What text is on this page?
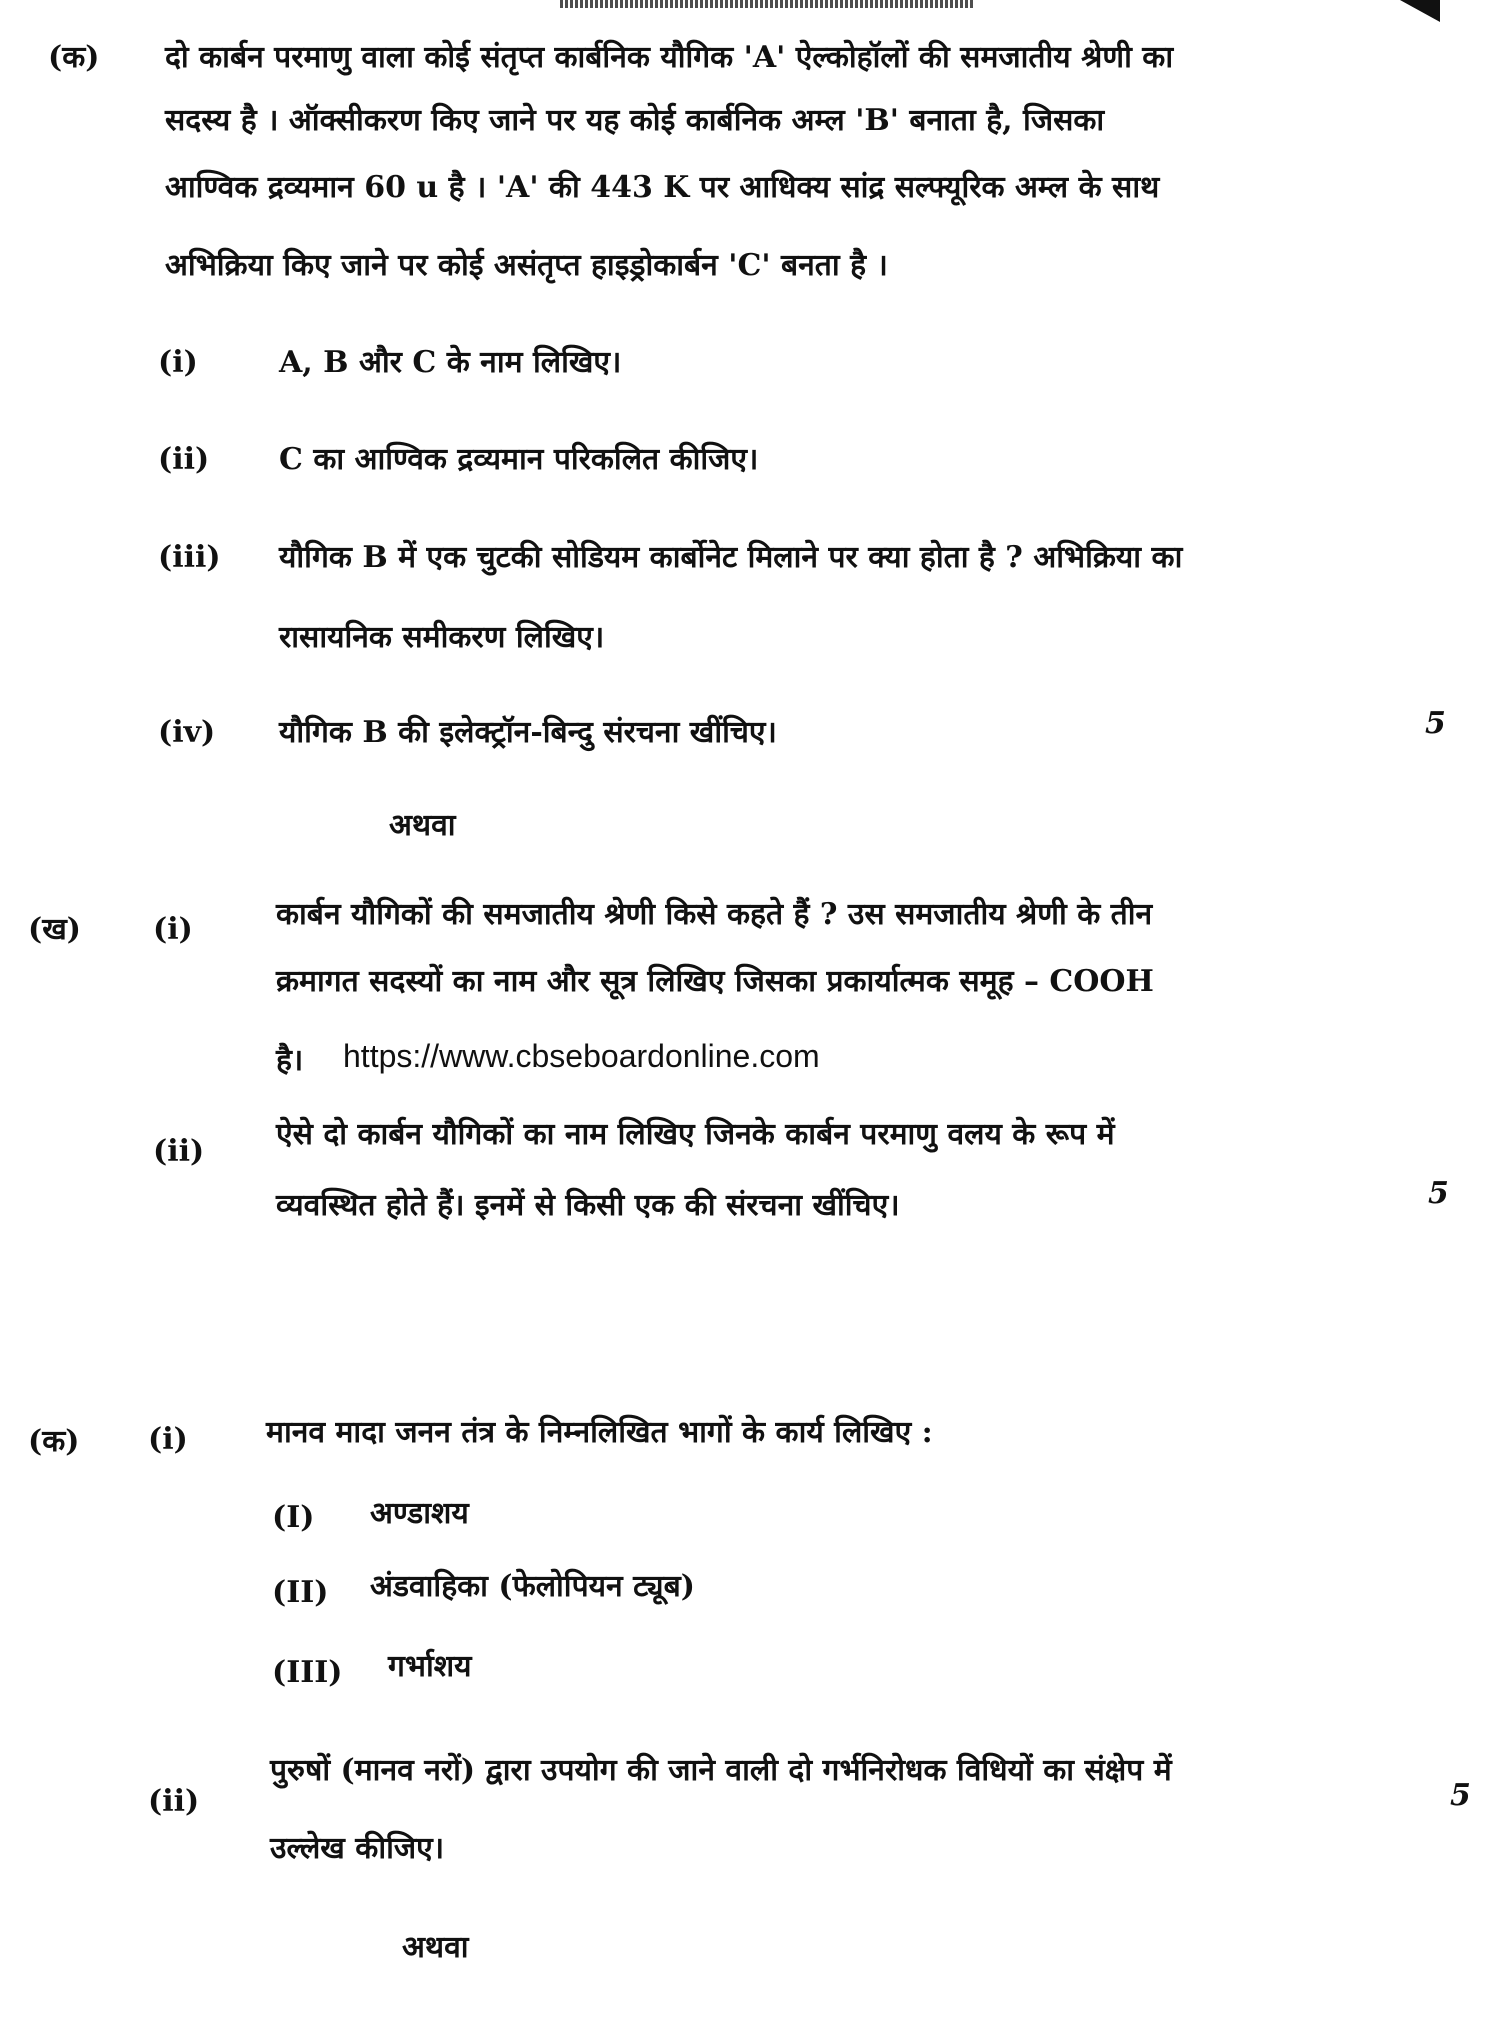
(क) दो कार्बन परमाणु वाला कोई संतृप्त कार्बनिक यौगिक 'A' ऐल्कोहॉलों की समजातीय श्रेणी का
सदस्य है । ऑक्सीकरण किए जाने पर यह कोई कार्बनिक अम्ल 'B' बनाता है, जिसका
आण्विक द्रव्यमान 60 u है । 'A' की 443 K पर आधिक्य सांद्र सल्फ्यूरिक अम्ल के साथ
अभिक्रिया किए जाने पर कोई असंतृप्त हाइड्रोकार्बन 'C' बनता है ।
(i)	A, B और C के नाम लिखिए।
(ii) C का आण्विक द्रव्यमान परिकलित कीजिए।
(iii) यौगिक B में एक चुटकी सोडियम कार्बोनेट मिलाने पर क्या होता है ? अभिक्रिया का
रासायनिक समीकरण लिखिए।
(iv) यौगिक B की इलेक्ट्रॉन-बिन्दु संरचना खींचिए।	5
अथवा
(ख) (i)	कार्बन यौगिकों की समजातीय श्रेणी किसे कहते हैं ? उस समजातीय श्रेणी के तीन
क्रमागत सदस्यों का नाम और सूत्र लिखिए जिसका प्रकार्यात्मक समूह – COOH
है। https://www.cbseboardonline.com
(ii) ऐसे दो कार्बन यौगिकों का नाम लिखिए जिनके कार्बन परमाणु वलय के रूप में
व्यवस्थित होते हैं। इनमें से किसी एक की संरचना खींचिए।	5
(क) (i)	मानव मादा जनन तंत्र के निम्नलिखित भागों के कार्य लिखिए :
(I) अण्डाशय
(II) अंडवाहिका (फेलोपियन ट्यूब)
(III) गर्भाशय
(ii)
पुरुषों (मानव नरों) द्वारा उपयोग की जाने वाली दो गर्भनिरोधक विधियों का संक्षेप में
उल्लेख कीजिए।
5
अथवा
